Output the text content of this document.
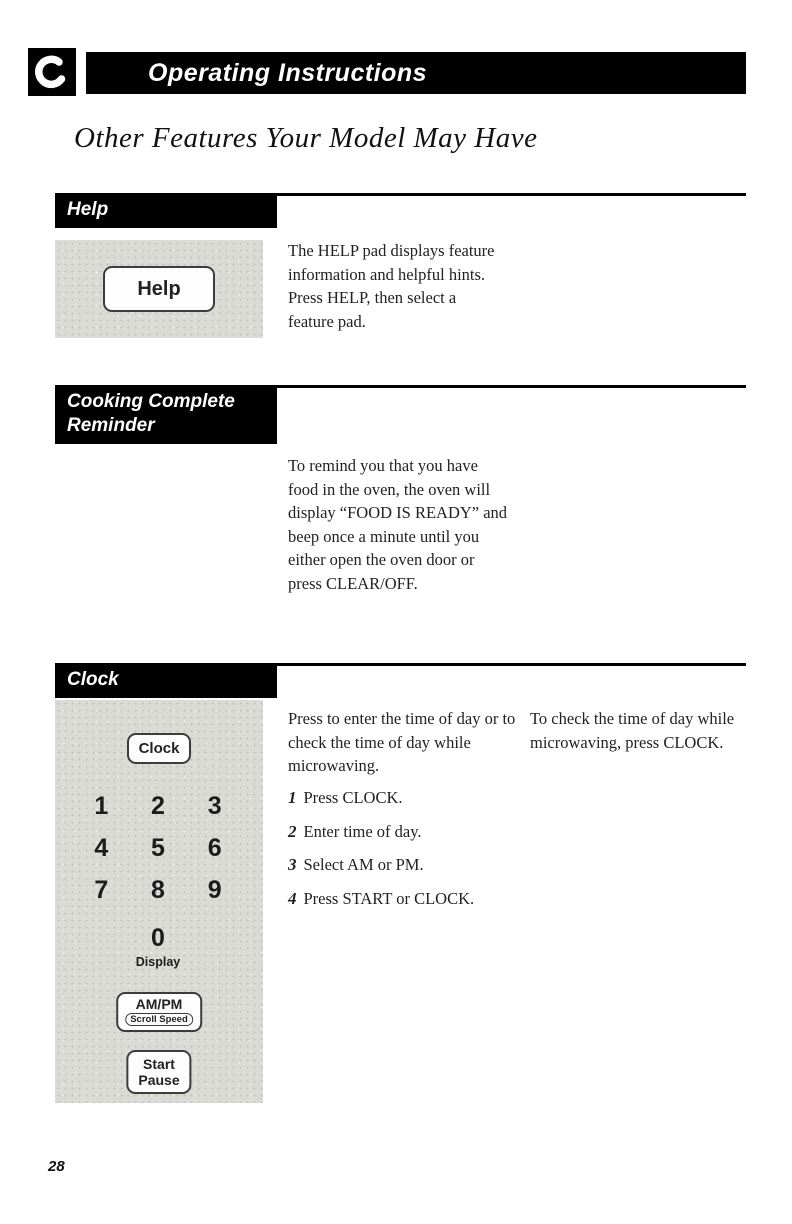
Operating Instructions
Other Features Your Model May Have
Help
Help
The HELP pad displays feature information and helpful hints. Press HELP, then select a feature pad.
Cooking Complete
Reminder
To remind you that you have food in the oven, the oven will display “FOOD IS READY” and beep once a minute until you either open the oven door or press CLEAR/OFF.
Clock
Clock
1	2	3
4	5	6
7	8	9
0
Display
AM/PM
Scroll Speed
Start
Pause
Press to enter the time of day or to check the time of day while microwaving.
1 Press CLOCK.
2 Enter time of day.
3 Select AM or PM.
4 Press START or CLOCK.
To check the time of day while microwaving, press CLOCK.
28
